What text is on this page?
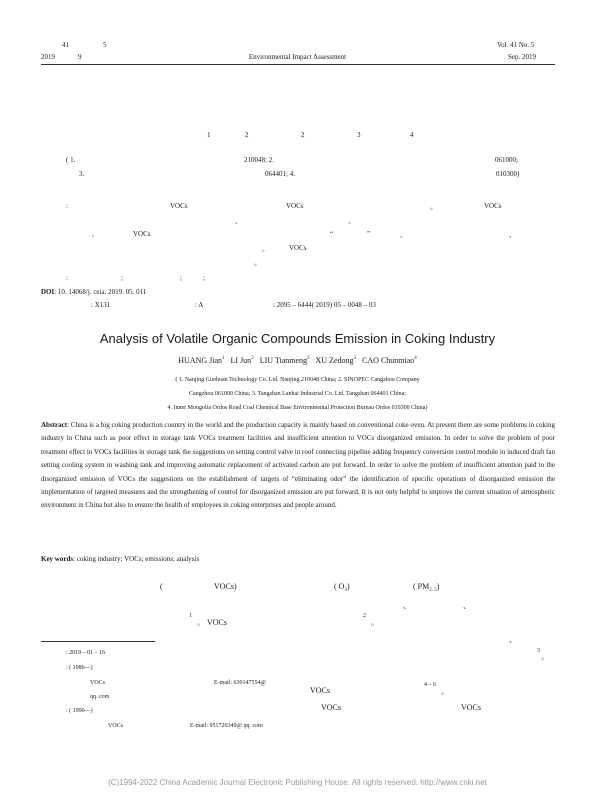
41	5
2019	9	Environmental Impact Assessment
Vol. 41 No. 5
Sep. 2019
1	2	2	3	4
( 1.	210048; 2.	061000;
3.	064401; 4.	010300)
:	VOCs	VOCs	。	VOCs
、	、
,	VOCs	“	”	、	、
。	VOCs
。
:	;	;	;
DOI: 10. 14068/j. ceia. 2019. 05. 011
: X131	: A	: 2095 – 6444( 2019) 05 – 0048 – 03
Analysis of Volatile Organic Compounds Emission in Coking Industry
HUANG Jian$^1$ LI Jun$^2$ LIU Tianmeng$^2$ XU Zedong$^3$ CAO Chunmiao$^4$
( 1. Nanjing Guohuan Technology Co. Ltd. Nanjing 210048 China; 2. SINOPEC Cangzhou Company
Cangzhou 061000 China; 3. Tangshan Lanhai Industrial Co. Ltd. Tangshan 064401 China;
4. Inner Mongolia Ordos Road Coal Chemical Base Environmental Protection Bureau Ordos 010300 China)
Abstract: China is a big coking production country in the world and the production capacity is mainly based on conventional coke oven. At present there are some problems in coking industry in China such as poor effect in storage tank VOCs treatment facilities and insufficient attention to VOCs disorganized emission. In order to solve the problem of poor treatment effect in VOCs facilities in storage tank the suggestions on setting control valve in roof connecting pipeline adding frequency conversion control module in induced draft fan setting cooling system in washing tank and improving automatic replacement of activated carbon are put forward. In order to solve the problem of insufficient attention paid to the disorganized emission of VOCs the suggestions on the establishment of targets of “eliminating odor” the identification of specific operations of disorganized emission the implementation of targeted measures and the strengthening of control for disorganized emission are put forward. It is not only helpful to improve the current situation of atmospheric environment in China but also to ensure the health of employees in coking enterprises and people around.
Key words: coking industry; VOCs; emissions; analysis
(	VOCs)	( $O_3$)	( $PM_{2. 5}$)
、	、
1
。 VOCs
2
。
、
3
。
VOCs
4 – 6
。
VOCs	VOCs
: 2019 – 01 – 16
: ( 1986—)
VOCs	E-mail: 630147554@
qq. com
: ( 1990—)
VOCs	E-mail: 951726349@ qq. com
(C)1994-2022 China Academic Journal Electronic Publishing House. All rights reserved. http://www.cnki.net
